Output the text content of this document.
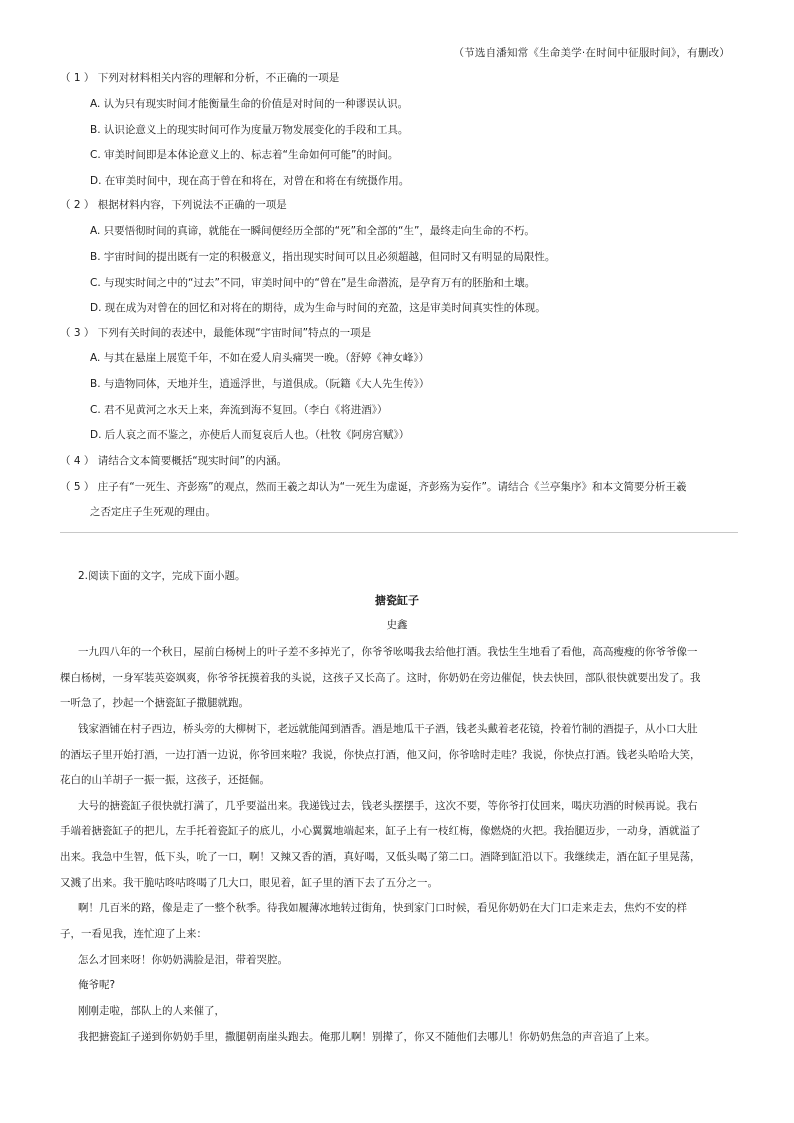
（节选自潘知常《生命美学·在时间中征服时间》，有删改）
（ 1 ） 下列对材料相关内容的理解和分析，不正确的一项是
A. 认为只有现实时间才能衡量生命的价值是对时间的一种谬误认识。
B. 认识论意义上的现实时间可作为度量万物发展变化的手段和工具。
C. 审美时间即是本体论意义上的、标志着“生命如何可能”的时间。
D. 在审美时间中，现在高于曾在和将在，对曾在和将在有统摄作用。
（ 2 ） 根据材料内容，下列说法不正确的一项是
A. 只要悟彻时间的真谛，就能在一瞬间便经历全部的“死”和全部的“生”，最终走向生命的不朽。
B. 宇宙时间的提出既有一定的积极意义，指出现实时间可以且必须超越，但同时又有明显的局限性。
C. 与现实时间之中的“过去”不同，审美时间中的“曾在”是生命潜流，是孕育万有的胚胎和土壤。
D. 现在成为对曾在的回忆和对将在的期待，成为生命与时间的充盈，这是审美时间真实性的体现。
（ 3 ） 下列有关时间的表述中，最能体现“宇宙时间”特点的一项是
A. 与其在悬崖上展览千年，不如在爱人肩头痛哭一晚。（舒婷《神女峰》）
B. 与造物同体，天地并生，逍遥浮世，与道俱成。（阮籍《大人先生传》）
C. 君不见黄河之水天上来，奔流到海不复回。（李白《将进酒》）
D. 后人哀之而不鉴之，亦使后人而复哀后人也。（杜牧《阿房宫赋》）
（ 4 ） 请结合文本简要概括“现实时间”的内涵。
（ 5 ） 庄子有“一死生、齐彭殇”的观点，然而王羲之却认为“一死生为虚诞，齐彭殇为妄作”。请结合《兰亭集序》和本文简要分析王羲
之否定庄子生死观的理由。
2.阅读下面的文字，完成下面小题。
搪瓷缸子
史鑫
一九四八年的一个秋日，屋前白杨树上的叶子差不多掉光了，你爷爷吆喝我去给他打酒。我怯生生地看了看他，高高瘦瘦的你爷爷像一
棵白杨树，一身军装英姿飒爽，你爷爷抚摸着我的头说，这孩子又长高了。这时，你奶奶在旁边催促，快去快回，部队很快就要出发了。我
一听急了，抄起一个搪瓷缸子撒腿就跑。
钱家酒铺在村子西边，桥头旁的大柳树下，老远就能闻到酒香。酒是地瓜干子酒，钱老头戴着老花镜，拎着竹制的酒提子，从小口大肚
的酒坛子里开始打酒，一边打酒一边说，你爷回来啦？我说，你快点打酒，他又问，你爷啥时走哇？我说，你快点打酒。钱老头哈哈大笑，
花白的山羊胡子一振一振，这孩子，还挺倔。
大号的搪瓷缸子很快就打满了，几乎要溢出来。我递钱过去，钱老头摆摆手，这次不要，等你爷打仗回来，喝庆功酒的时候再说。我右
手端着搪瓷缸子的把儿，左手托着瓷缸子的底儿，小心翼翼地端起来，缸子上有一枝红梅，像燃烧的火把。我抬腿迈步，一动身，酒就溢了
出来。我急中生智，低下头，吮了一口，啊！又辣又香的酒，真好喝，又低头喝了第二口。酒降到缸沿以下。我继续走，酒在缸子里晃荡，
又溅了出来。我干脆咕咚咕咚喝了几大口，眼见着，缸子里的酒下去了五分之一。
啊！几百米的路，像是走了一整个秋季。待我如履薄冰地转过街角，快到家门口时候，看见你奶奶在大门口走来走去，焦灼不安的样
子，一看见我，连忙迎了上来：
怎么才回来呀！你奶奶满脸是泪，带着哭腔。
俺爷呢?
刚刚走啦，部队上的人来催了，
我把搪瓷缸子递到你奶奶手里，撒腿朝南崖头跑去。俺那儿啊！别撵了，你又不随他们去哪儿！你奶奶焦急的声音追了上来。
